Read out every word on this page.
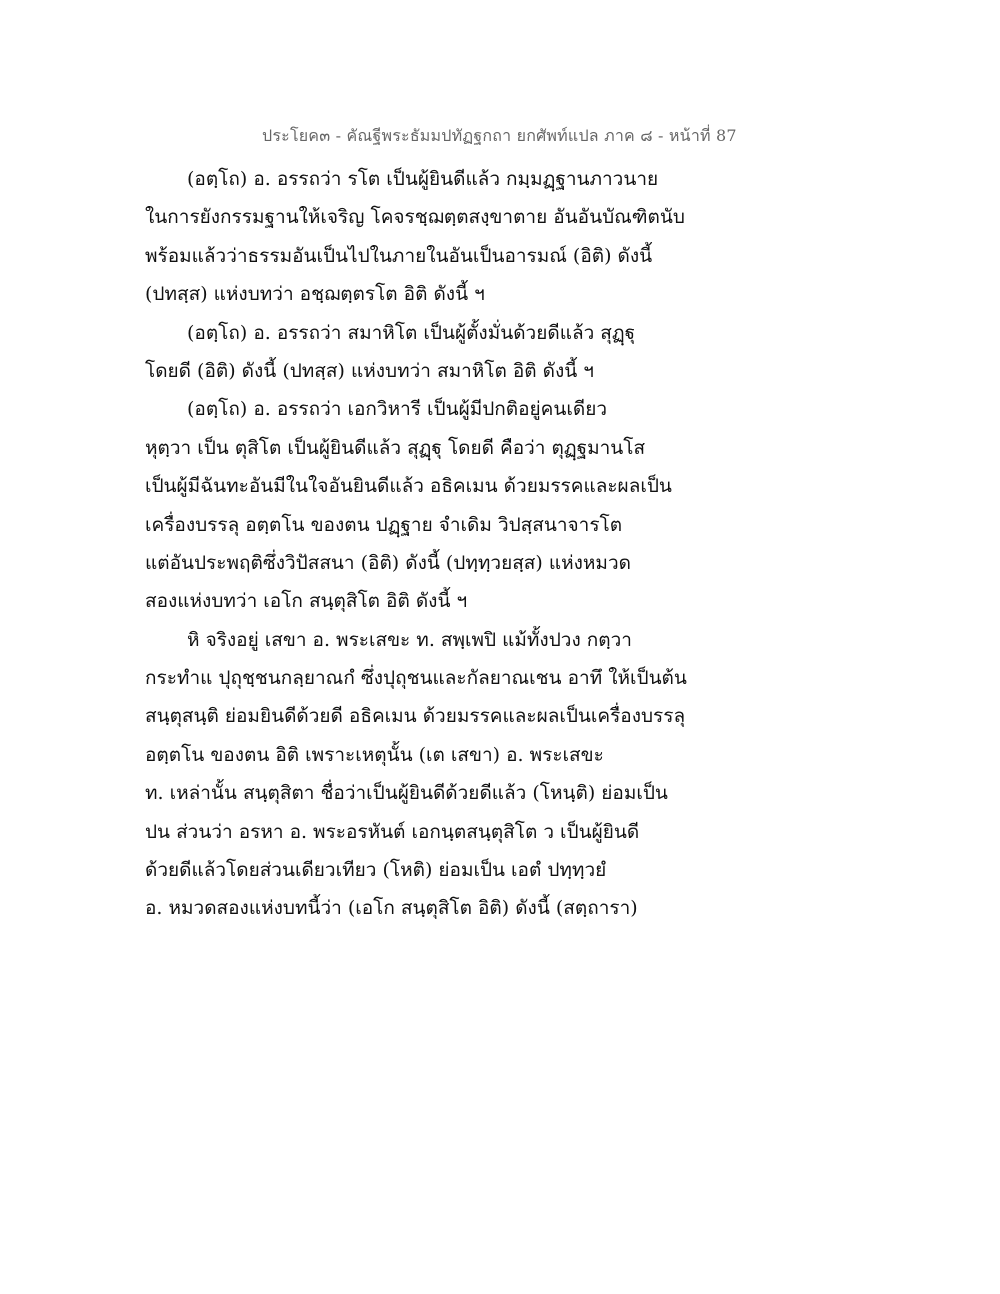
ประโยค๓ - คัณฐีพระธัมมปทัฏฐกถา ยกศัพท์แปล ภาค ๘ - หน้าที่ 87
(อตฺโถ) อ. อรรถว่า รโต เป็นผู้ยินดีแล้ว กมฺมฏฺฐานภาวนาย
ในการยังกรรมฐานให้เจริญ โคจรชฺฌตฺตสงฺขาตาย อันอันบัณฑิตนับ
พร้อมแล้วว่าธรรมอันเป็นไปในภายในอันเป็นอารมณ์ (อิติ) ดังนี้
(ปทสฺส) แห่งบทว่า อชฺฌตฺตรโต อิติ ดังนี้ ฯ
(อตฺโถ) อ. อรรถว่า สมาหิโต เป็นผู้ตั้งมั่นด้วยดีแล้ว สุฏฺฐุ
โดยดี (อิติ) ดังนี้ (ปทสฺส) แห่งบทว่า สมาหิโต อิติ ดังนี้ ฯ
(อตฺโถ) อ. อรรถว่า เอกวิหารี เป็นผู้มีปกติอยู่คนเดียว
หุตฺวา เป็น ตุสิโต เป็นผู้ยินดีแล้ว สุฏฺฐุ โดยดี คือว่า ตุฏฺฐมานโส
เป็นผู้มีฉันทะอันมีในใจอันยินดีแล้ว อธิคเมน ด้วยมรรคและผลเป็น
เครื่องบรรลุ อตฺตโน ของตน ปฏฺฐาย จำเดิม วิปสฺสนาจารโต
แต่อันประพฤติซึ่งวิปัสสนา (อิติ) ดังนี้ (ปทฺทฺวยสฺส) แห่งหมวด
สองแห่งบทว่า เอโก สนฺตุสิโต อิติ ดังนี้ ฯ
หิ จริงอยู่ เสขา อ. พระเสขะ ท. สพฺเพปิ แม้ทั้งปวง กตฺวา
กระทำแ ปุถุชฺชนกลฺยาณกํ ซึ่งปุถุชนและกัลยาณเชน อาทึ ให้เป็นต้น
สนฺตุสนฺติ ย่อมยินดีด้วยดี อธิคเมน ด้วยมรรคและผลเป็นเครื่องบรรลุ
อตฺตโน ของตน อิติ เพราะเหตุนั้น (เต เสขา) อ. พระเสขะ
ท. เหล่านั้น สนฺตุสิตา ชื่อว่าเป็นผู้ยินดีด้วยดีแล้ว (โหนฺติ) ย่อมเป็น
ปน ส่วนว่า อรหา อ. พระอรหันต์ เอกนฺตสนฺตุสิโต ว เป็นผู้ยินดี
ด้วยดีแล้วโดยส่วนเดียวเทียว (โหติ) ย่อมเป็น เอตํ ปทฺทฺวยํ
อ. หมวดสองแห่งบทนี้ว่า (เอโก สนฺตุสิโต อิติ) ดังนี้ (สตฺถารา)
